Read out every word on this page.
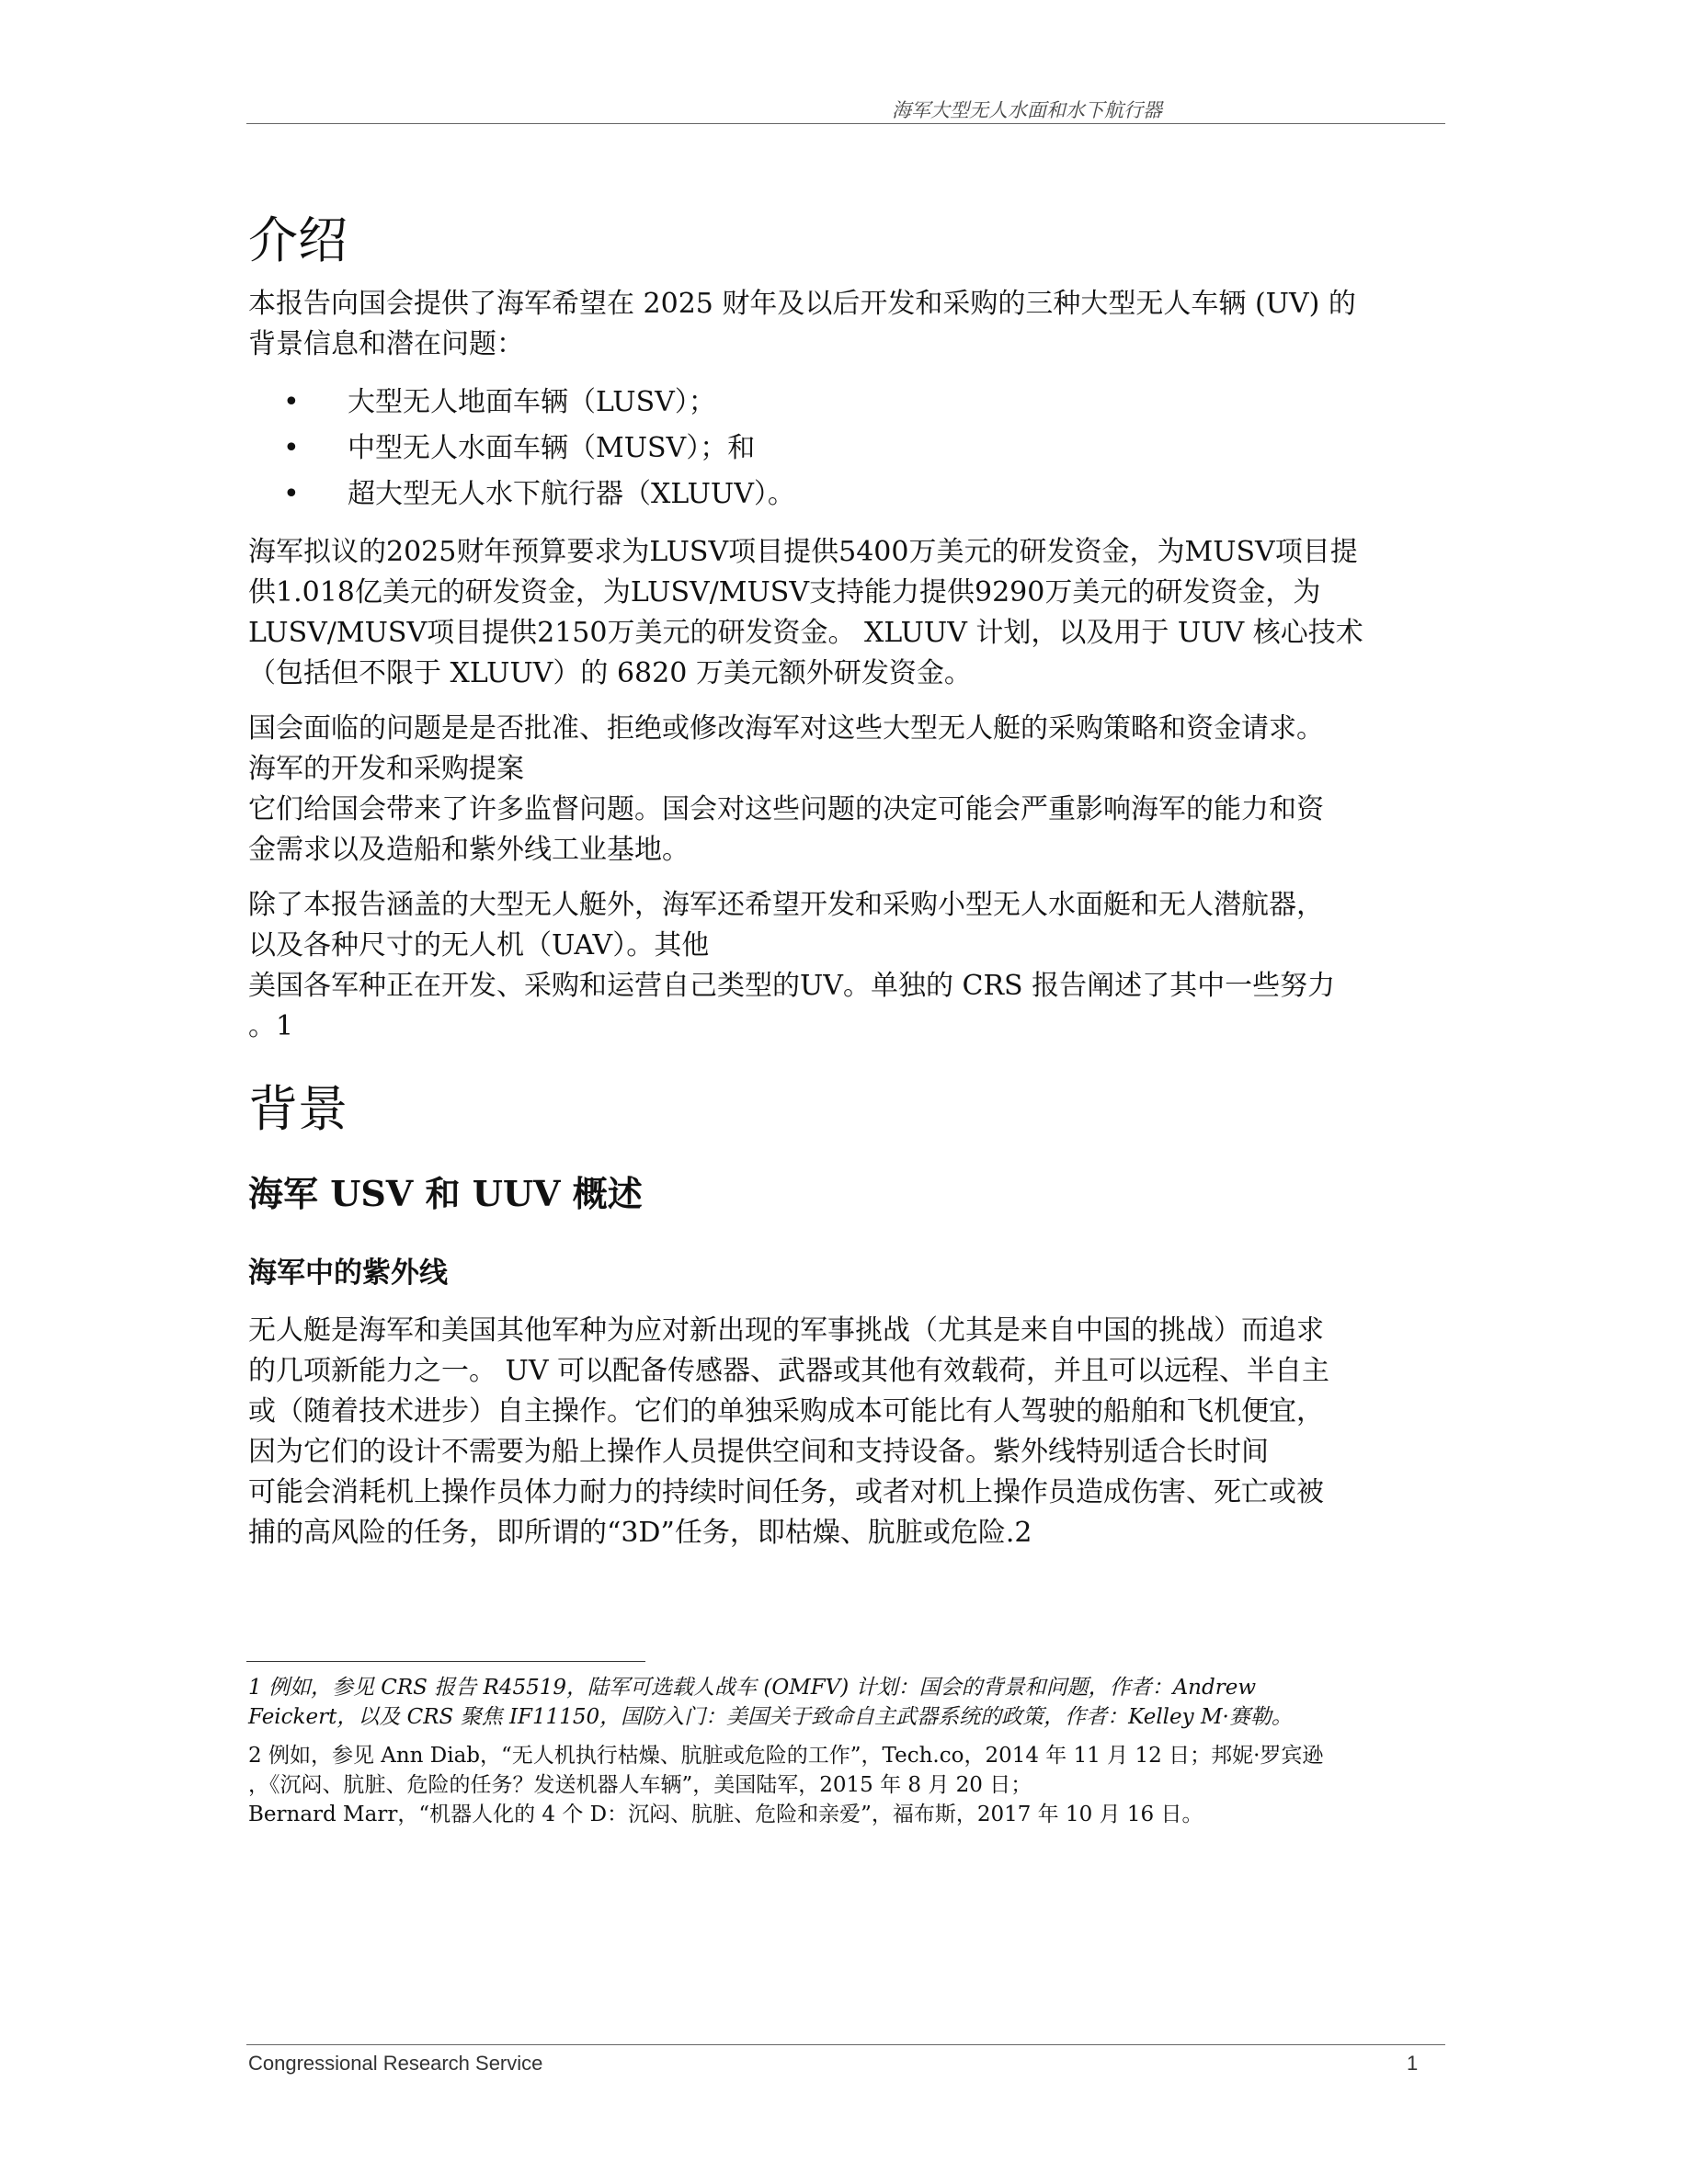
海军大型无人水面和水下航行器
介绍

本报告向国会提供了海军希望在 2025 财年及以后开发和采购的三种大型无人车辆 (UV) 的
背景信息和潜在问题：

• 大型无人地面车辆（LUSV）；
• 中型无人水面车辆（MUSV）；和
• 超大型无人水下航行器（XLUUV）。

海军拟议的2025财年预算要求为LUSV项目提供5400万美元的研发资金，为MUSV项目提
供1.018亿美元的研发资金，为LUSV/MUSV支持能力提供9290万美元的研发资金，为
LUSV/MUSV项目提供2150万美元的研发资金。 XLUUV 计划，以及用于 UUV 核心技术
（包括但不限于 XLUUV）的 6820 万美元额外研发资金。

国会面临的问题是是否批准、拒绝或修改海军对这些大型无人艇的采购策略和资金请求。
海军的开发和采购提案
它们给国会带来了许多监督问题。国会对这些问题的决定可能会严重影响海军的能力和资
金需求以及造船和紫外线工业基地。

除了本报告涵盖的大型无人艇外，海军还希望开发和采购小型无人水面艇和无人潜航器，
以及各种尺寸的无人机（UAV）。其他
美国各军种正在开发、采购和运营自己类型的UV。单独的 CRS 报告阐述了其中一些努力
。1

背景
海军 USV 和 UUV 概述
海军中的紫外线

无人艇是海军和美国其他军种为应对新出现的军事挑战（尤其是来自中国的挑战）而追求
的几项新能力之一。 UV 可以配备传感器、武器或其他有效载荷，并且可以远程、半自主
或（随着技术进步）自主操作。它们的单独采购成本可能比有人驾驶的船舶和飞机便宜，
因为它们的设计不需要为船上操作人员提供空间和支持设备。紫外线特别适合长时间
可能会消耗机上操作员体力耐力的持续时间任务，或者对机上操作员造成伤害、死亡或被
捕的高风险的任务，即所谓的“3D”任务，即枯燥、肮脏或危险.2

1 例如，参见 CRS 报告 R45519，陆军可选载人战车 (OMFV) 计划：国会的背景和问题，作者：Andrew
Feickert，以及 CRS 聚焦 IF11150，国防入门：美国关于致命自主武器系统的政策，作者：Kelley M·赛勒。

2 例如，参见 Ann Diab，“无人机执行枯燥、肮脏或危险的工作”，Tech.co，2014 年 11 月 12 日；邦妮·罗宾逊
，《沉闷、肮脏、危险的任务？发送机器人车辆”，美国陆军，2015 年 8 月 20 日；
Bernard Marr，“机器人化的 4 个 D：沉闷、肮脏、危险和亲爱”，福布斯，2017 年 10 月 16 日。

Congressional Research Service	1
